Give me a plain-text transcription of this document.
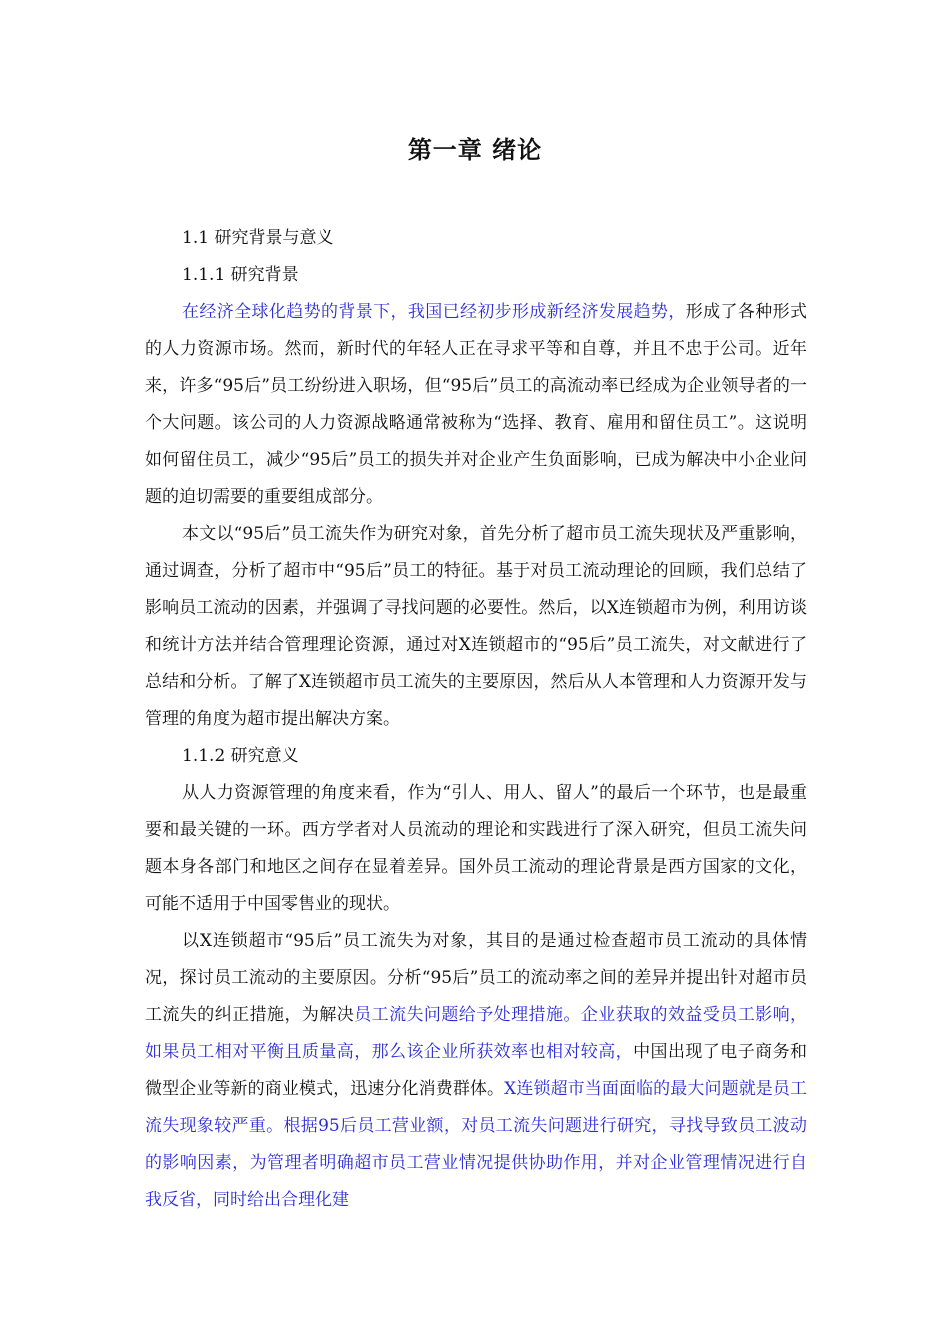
第一章 绪论

1.1 研究背景与意义

1.1.1 研究背景

在经济全球化趋势的背景下，我国已经初步形成新经济发展趋势，形成了各种形式的人力资源市场。然而，新时代的年轻人正在寻求平等和自尊，并且不忠于公司。近年来，许多“95后”员工纷纷进入职场，但“95后”员工的高流动率已经成为企业领导者的一个大问题。该公司的人力资源战略通常被称为“选择、教育、雇用和留住员工”。这说明如何留住员工，减少“95后”员工的损失并对企业产生负面影响，已成为解决中小企业问题的迫切需要的重要组成部分。

本文以“95后”员工流失作为研究对象，首先分析了超市员工流失现状及严重影响，通过调查，分析了超市中“95后”员工的特征。基于对员工流动理论的回顾，我们总结了影响员工流动的因素，并强调了寻找问题的必要性。然后，以X连锁超市为例，利用访谈和统计方法并结合管理理论资源，通过对X连锁超市的“95后”员工流失，对文献进行了总结和分析。了解了X连锁超市员工流失的主要原因，然后从人本管理和人力资源开发与管理的角度为超市提出解决方案。

1.1.2 研究意义

从人力资源管理的角度来看，作为“引人、用人、留人”的最后一个环节，也是最重要和最关键的一环。西方学者对人员流动的理论和实践进行了深入研究，但员工流失问题本身各部门和地区之间存在显着差异。国外员工流动的理论背景是西方国家的文化，可能不适用于中国零售业的现状。

以X连锁超市“95后”员工流失为对象，其目的是通过检查超市员工流动的具体情况，探讨员工流动的主要原因。分析“95后”员工的流动率之间的差异并提出针对超市员工流失的纠正措施，为解决员工流失问题给予处理措施。企业获取的效益受员工影响，如果员工相对平衡且质量高，那么该企业所获效率也相对较高，中国出现了电子商务和微型企业等新的商业模式，迅速分化消费群体。X连锁超市当面面临的最大问题就是员工流失现象较严重。根据95后员工营业额，对员工流失问题进行研究，寻找导致员工波动的影响因素，为管理者明确超市员工营业情况提供协助作用，并对企业管理情况进行自我反省，同时给出合理化建
